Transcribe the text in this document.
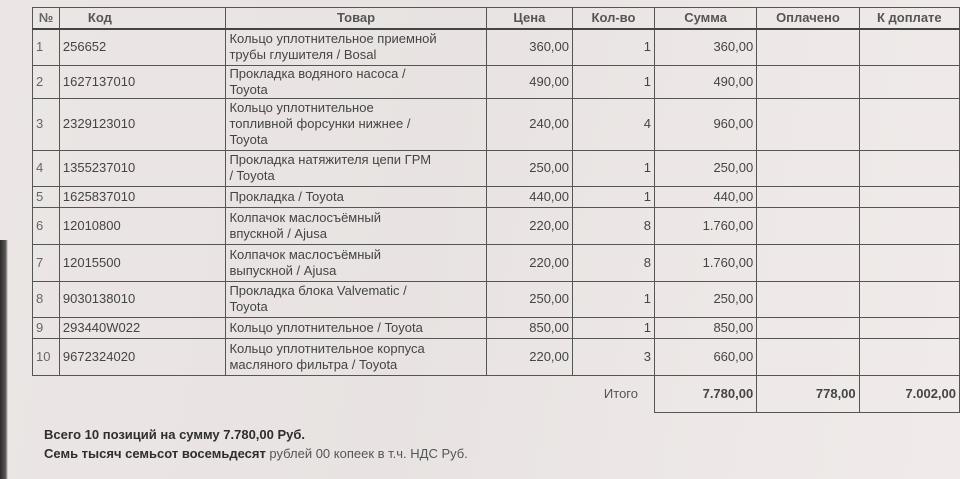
№	Код	Товар	Цена	Кол-во	Сумма	Оплачено	К доплате
1	256652	Кольцо уплотнительное приемной
трубы глушителя / Bosal	360,00	1	360,00		
2	1627137010	Прокладка водяного насоса /
Toyota	490,00	1	490,00		
3	2329123010	Кольцо уплотнительное
топливной форсунки нижнее /
Toyota	240,00	4	960,00		
4	1355237010	Прокладка натяжителя цепи ГРМ
/ Toyota	250,00	1	250,00		
5	1625837010	Прокладка / Toyota	440,00	1	440,00		
6	12010800	Колпачок маслосъёмный
впускной / Ajusa	220,00	8	1.760,00		
7	12015500	Колпачок маслосъёмный
выпускной / Ajusa	220,00	8	1.760,00		
8	9030138010	Прокладка блока Valvematic /
Toyota	250,00	1	250,00		
9	293440W022	Кольцо уплотнительное / Toyota	850,00	1	850,00		
10	9672324020	Кольцо уплотнительное корпуса
масляного фильтра / Toyota	220,00	3	660,00		
				Итого	7.780,00	778,00	7.002,00
Всего 10 позиций на сумму 7.780,00 Руб.
Семь тысяч семьсот восемьдесят рублей 00 копеек в т.ч. НДС Руб.
